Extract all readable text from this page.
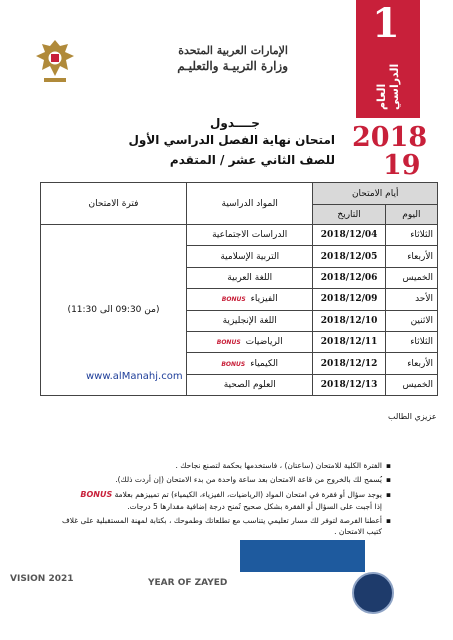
الإمارات العربية المتحدة
وزارة التربيـة والتعليـم
1
العام الدراسي
جــــدول
امتحان نهاية الفصل الدراسي الأول
للصف الثاني عشر / المتقدم
2018
19
أيام الامتحان		المواد الدراسية	فترة الامتحان
اليوم	التاريخ		
الثلاثاء	2018/12/04	الدراسات الاجتماعية	(من 09:30 الى 11:30)
الأربعاء	2018/12/05	التربية الإسلامية	
الخميس	2018/12/06	اللغة العربية	
الأحد	2018/12/09	الفيزياءBONUS	
الاثنين	2018/12/10	اللغة الإنجليزية	
الثلاثاء	2018/12/11	الرياضياتBONUS	
الأربعاء	2018/12/12	الكيمياءBONUS	
الخميس	2018/12/13	العلوم الصحية	
www.alManahj.com
عزيزي الطالب
▪ الفترة الكلية للامتحان (ساعتان) ، فاستخدمها بحكمة لتصنع نجاحك .
▪ يُسمح لك بالخروج من قاعة الامتحان بعد ساعة واحدة من بدء الامتحان (إن أردت ذلك).
▪ يوجد سؤال أو فقرة في امتحان المواد (الرياضيات، الفيزياء، الكيمياء) تم تمييزهم بعلامة BONUS
إذا أجبت على السؤال أو الفقرة بشكل صحيح تُمنح درجة إضافية مقدارها 5 درجات.
▪ أعطنا الفرصة لتوفر لك مسار تعليمي يتناسب مع تطلعاتك وطموحك ، بكتابة لمهنة المستقبلية على غلاف كتيب الامتحان .
VISION 2021	YEAR OF ZAYED
